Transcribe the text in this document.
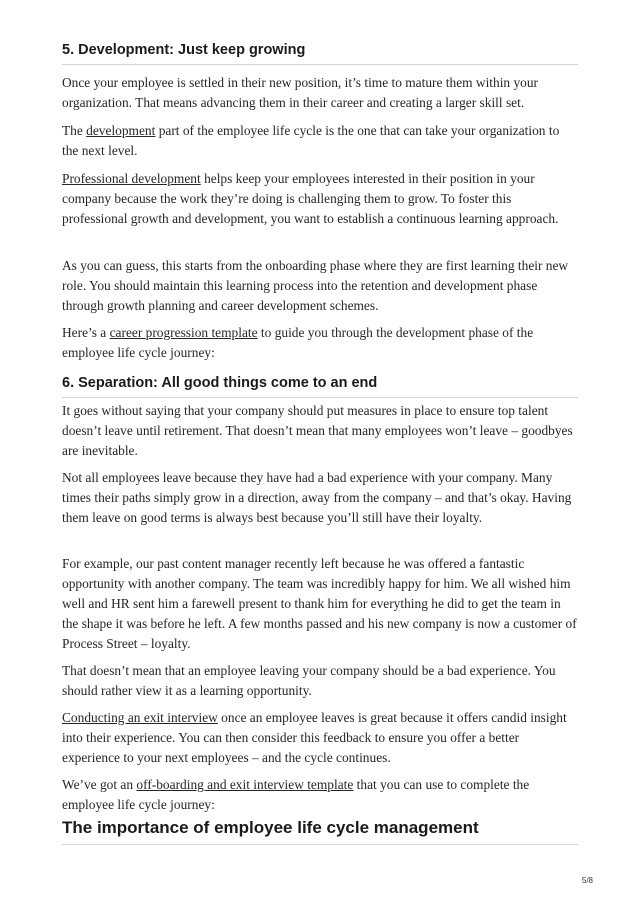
5. Development: Just keep growing

Once your employee is settled in their new position, it’s time to mature them within your organization. That means advancing them in their career and creating a larger skill set.

The development part of the employee life cycle is the one that can take your organization to the next level.

Professional development helps keep your employees interested in their position in your company because the work they’re doing is challenging them to grow. To foster this professional growth and development, you want to establish a continuous learning approach.

As you can guess, this starts from the onboarding phase where they are first learning their new role. You should maintain this learning process into the retention and development phase through growth planning and career development schemes.

Here’s a career progression template to guide you through the development phase of the employee life cycle journey:

6. Separation: All good things come to an end

It goes without saying that your company should put measures in place to ensure top talent doesn’t leave until retirement. That doesn’t mean that many employees won’t leave – goodbyes are inevitable.

Not all employees leave because they have had a bad experience with your company. Many times their paths simply grow in a direction, away from the company – and that’s okay. Having them leave on good terms is always best because you’ll still have their loyalty.

For example, our past content manager recently left because he was offered a fantastic opportunity with another company. The team was incredibly happy for him. We all wished him well and HR sent him a farewell present to thank him for everything he did to get the team in the shape it was before he left. A few months passed and his new company is now a customer of Process Street – loyalty.

That doesn’t mean that an employee leaving your company should be a bad experience. You should rather view it as a learning opportunity.

Conducting an exit interview once an employee leaves is great because it offers candid insight into their experience. You can then consider this feedback to ensure you offer a better experience to your next employees – and the cycle continues.

We’ve got an off-boarding and exit interview template that you can use to complete the employee life cycle journey:

The importance of employee life cycle management
5/8
